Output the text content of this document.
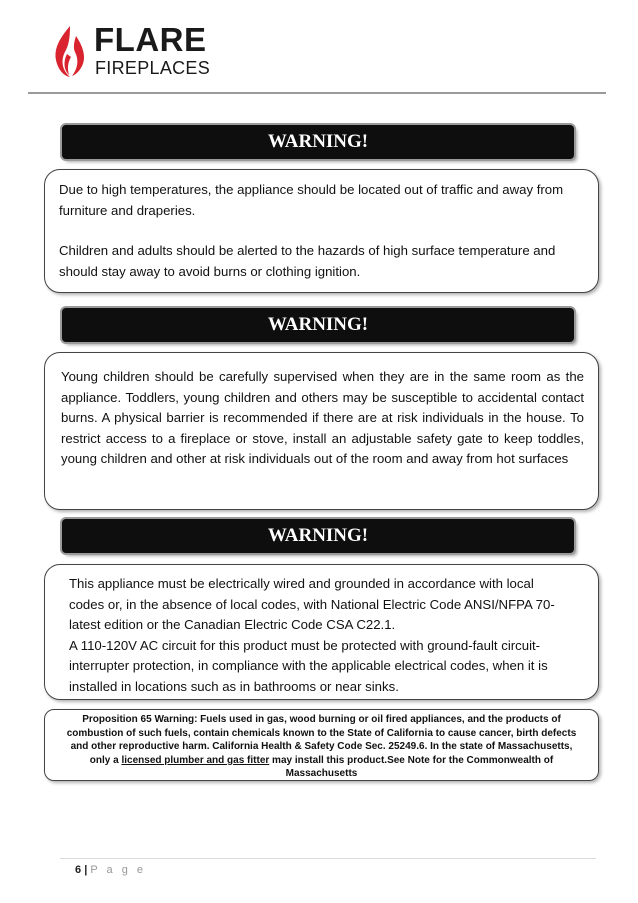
FLARE
FIREPLACES
WARNING!

Due to high temperatures, the appliance should be located out of traffic and away from furniture and draperies.

Children and adults should be alerted to the hazards of high surface temperature and should stay away to avoid burns or clothing ignition.

WARNING!

Young children should be carefully supervised when they are in the same room as the appliance. Toddlers, young children and others may be susceptible to accidental contact burns. A physical barrier is recommended if there are at risk individuals in the house. To restrict access to a fireplace or stove, install an adjustable safety gate to keep toddles, young children and other at risk individuals out of the room and away from hot surfaces

WARNING!

This appliance must be electrically wired and grounded in accordance with local codes or, in the absence of local codes, with National Electric Code ANSI/NFPA 70-latest edition or the Canadian Electric Code CSA C22.1.

A 110-120V AC circuit for this product must be protected with ground-fault circuit-interrupter protection, in compliance with the applicable electrical codes, when it is installed in locations such as in bathrooms or near sinks.

Proposition 65 Warning: Fuels used in gas, wood burning or oil fired appliances, and the products of combustion of such fuels, contain chemicals known to the State of California to cause cancer, birth defects and other reproductive harm. California Health & Safety Code Sec. 25249.6. In the state of Massachusetts, only a licensed plumber and gas fitter may install this product.See Note for the Commonwealth of Massachusetts
6 | P a g e
